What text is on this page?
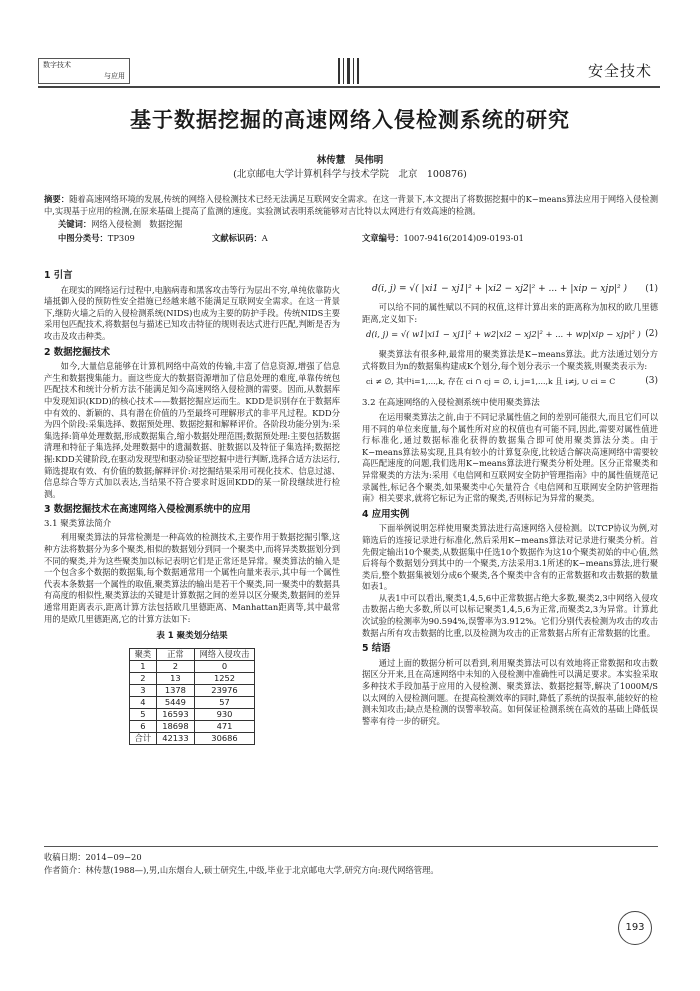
数字技术
与应用	安全技术
基于数据挖掘的高速网络入侵检测系统的研究
林传慧　吴伟明
(北京邮电大学计算机科学与技术学院　北京　100876)
摘要：随着高速网络环境的发展,传统的网络入侵检测技术已经无法满足互联网安全需求。在这一背景下,本文提出了将数据挖掘中的K−means算法应用于网络入侵检测中,实现基于应用的检测,在原来基础上提高了监测的速度。实验测试表明系统能够对吉比特以太网进行有效高速的检测。
关键词：网络入侵检测　数据挖掘
中图分类号：TP309	文献标识码：A	文章编号：1007-9416(2014)09-0193-01
1 引言

在现实的网络运行过程中,电脑病毒和黑客攻击等行为层出不穷,单纯依靠防火墙抵御入侵的预防性安全措施已经越来越不能满足互联网安全需求。在这一背景下,继防火墙之后的入侵检测系统(NIDS)也成为主要的防护手段。传统NIDS主要采用包匹配技术,将数据包与描述已知攻击特征的规则表达式进行匹配,判断是否为攻击及攻击种类。

2 数据挖掘技术

如今,大量信息能够在计算机网络中高效的传输,丰富了信息资源,增强了信息产生和数据搜集能力。面这些庞大的数据资源增加了信息处理的难度,单靠传统包匹配技术和统计分析方法不能满足知今高速网络入侵检测的需要。因而,从数据库中发现知识(KDD)的核心技术——数据挖掘应运而生。KDD是识别存在于数据库中有效的、新颖的、具有潜在价值的乃至最终可理解形式的非平凡过程。KDD分为四个阶段:采集选择、数据预处理、数据挖掘和解释评价。各阶段功能分别为:采集选择:简单处理数据,形成数据集合,缩小数据处理范围;数据预处理:主要包括数据清理和特征子集选择,处理数据中的遗漏数据、脏数据以及特征子集选择;数据挖掘:KDD关键阶段,在驱动发现型和驱动验证型挖掘中进行判断,选择合适方法运行,筛选提取有效、有价值的数据;解释评价:对挖掘结果采用可视化技术、信息过滤、信息综合等方式加以表达,当结果不符合要求时返回KDD的某一阶段继续进行检测。

3 数据挖掘技术在高速网络入侵检测系统中的应用
3.1 聚类算法简介

利用聚类算法的异常检测是一种高效的检测技术,主要作用于数据挖掘引擎,这种方法将数据分为多个聚类,相似的数据划分到同一个聚类中,而将异类数据划分到不同的聚类,并为这些聚类加以标记表明它们是正常还是异常。聚类算法的输入是一个包含多个数据的数据集,每个数据通常用一个属性向量来表示,其中每一个属性代表本条数据一个属性的取值,聚类算法的输出是若干个聚类,同一聚类中的数据具有高度的相似性,聚类算法的关键是计算数据之间的差异以区分聚类,数据间的差异通常用距离表示,距离计算方法包括欧几里德距离、Manhattan距离等,其中最常用的是欧几里德距离,它的计算方法如下:

表 1 聚类划分结果
聚类	正常	网络入侵攻击
1	2	0
2	13	1252
3	1378	23976
4	5449	57
5	16593	930
6	18698	471
合计	42133	30686
d(i, j) = √( |xi1 − xj1|² + |xi2 − xj2|² + ... + |xip − xjp|² ) (1)

可以给不同的属性赋以不同的权值,这样计算出来的距离称为加权的欧几里德距离,定义如下:

d(i, j) = √( w1|xi1 − xj1|² + w2|xi2 − xj2|² + ... + wp|xip − xjp|² ) (2)

聚类算法有很多种,最常用的聚类算法是K−means算法。此方法通过划分方式将数目为n的数据集构建成K个划分,每个划分表示一个聚类簇,则聚类表示为:

ci ≠ ∅, 其中i=1,...,k, 存在 ci ∩ cj = ∅, i, j=1,...,k 且 i≠j, ∪ ci = C	(3)
3.2 在高速网络的入侵检测系统中使用聚类算法

在运用聚类算法之前,由于不同记录属性值之间的差别可能很大,而且它们可以用不同的单位来度量,每个属性所对应的权值也有可能不同,因此,需要对属性值进行标准化,通过数据标准化获得的数据集合即可使用聚类算法分类。由于K−means算法易实现,且具有较小的计算复杂度,比较适合解决高速网络中需要较高匹配速度的问题,我们选用K−means算法进行聚类分析处理。区分正常聚类和异常聚类的方法为:采用《电信网和互联网安全防护管理指南》中的属性值规范记录属性,标记各个聚类,如果聚类中心矢量符合《电信网和互联网安全防护管理指南》相关要求,就将它标记为正常的聚类,否则标记为异常的聚类。

4 应用实例

下面举例说明怎样使用聚类算法进行高速网络入侵检测。以TCP协议为例,对筛选后的连接记录进行标准化,然后采用K−means算法对记录进行聚类分析。首先假定输出10个聚类,从数据集中任选10个数据作为这10个聚类初始的中心值,然后将每个数据划分到其中的一个聚类,方法采用3.1所述的K−means算法,进行聚类后,整个数据集被划分成6个聚类,各个聚类中含有的正常数据和攻击数据的数量如表1。

从表1中可以看出,聚类1,4,5,6中正常数据占绝大多数,聚类2,3中网络入侵攻击数据占绝大多数,所以可以标记聚类1,4,5,6为正常,而聚类2,3为异常。计算此次试验的检测率为90.594%,误警率为3.912%。它们分别代表检测为攻击的攻击数据占所有攻击数据的比重,以及检测为攻击的正常数据占所有正常数据的比重。

5 结语

通过上面的数据分析可以看到,利用聚类算法可以有效地将正常数据和攻击数据区分开来,且在高速网络中未知的入侵检测中准确性可以满足要求。本实验采取多种技术手段加基于应用的入侵检测、聚类算法、数据挖掘等,解决了1000M/S以太网的入侵检测问题。在提高检测效率的同时,降低了系统的误报率,能较好的检测未知攻击;缺点是检测的误警率较高。如何保证检测系统在高效的基础上降低误警率有待一步的研究。

收稿日期：2014−09−20
作者简介：林传慧(1988—),男,山东烟台人,硕士研究生,中级,毕业于北京邮电大学,研究方向:现代网络管理。
193
